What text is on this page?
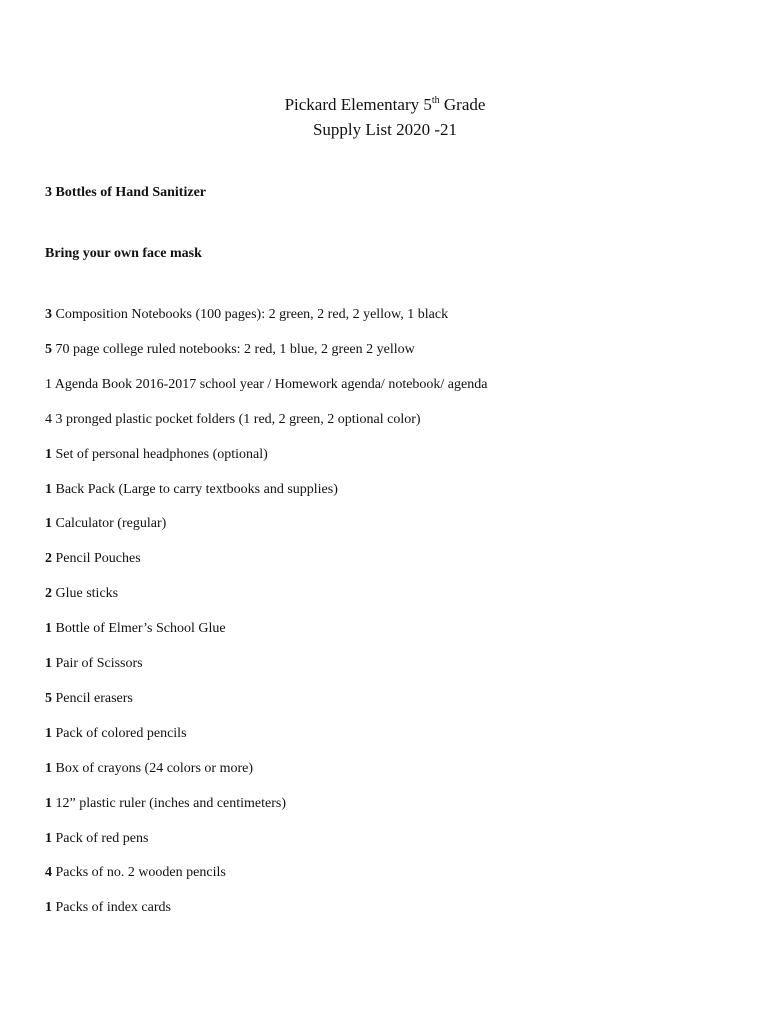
Pickard Elementary 5th Grade
Supply List 2020 -21
3 Bottles of Hand Sanitizer
Bring your own face mask
3 Composition Notebooks (100 pages): 2 green, 2 red, 2 yellow, 1 black
5 70 page college ruled notebooks: 2 red, 1 blue, 2 green 2 yellow
1 Agenda Book 2016-2017 school year / Homework agenda/ notebook/ agenda
4 3 pronged plastic pocket folders (1 red, 2 green, 2 optional color)
1 Set of personal headphones (optional)
1 Back Pack (Large to carry textbooks and supplies)
1 Calculator (regular)
2 Pencil Pouches
2 Glue sticks
1 Bottle of Elmer’s School Glue
1 Pair of Scissors
5 Pencil erasers
1 Pack of colored pencils
1 Box of crayons (24 colors or more)
1 12” plastic ruler (inches and centimeters)
1 Pack of red pens
4 Packs of no. 2 wooden pencils
1 Packs of index cards
